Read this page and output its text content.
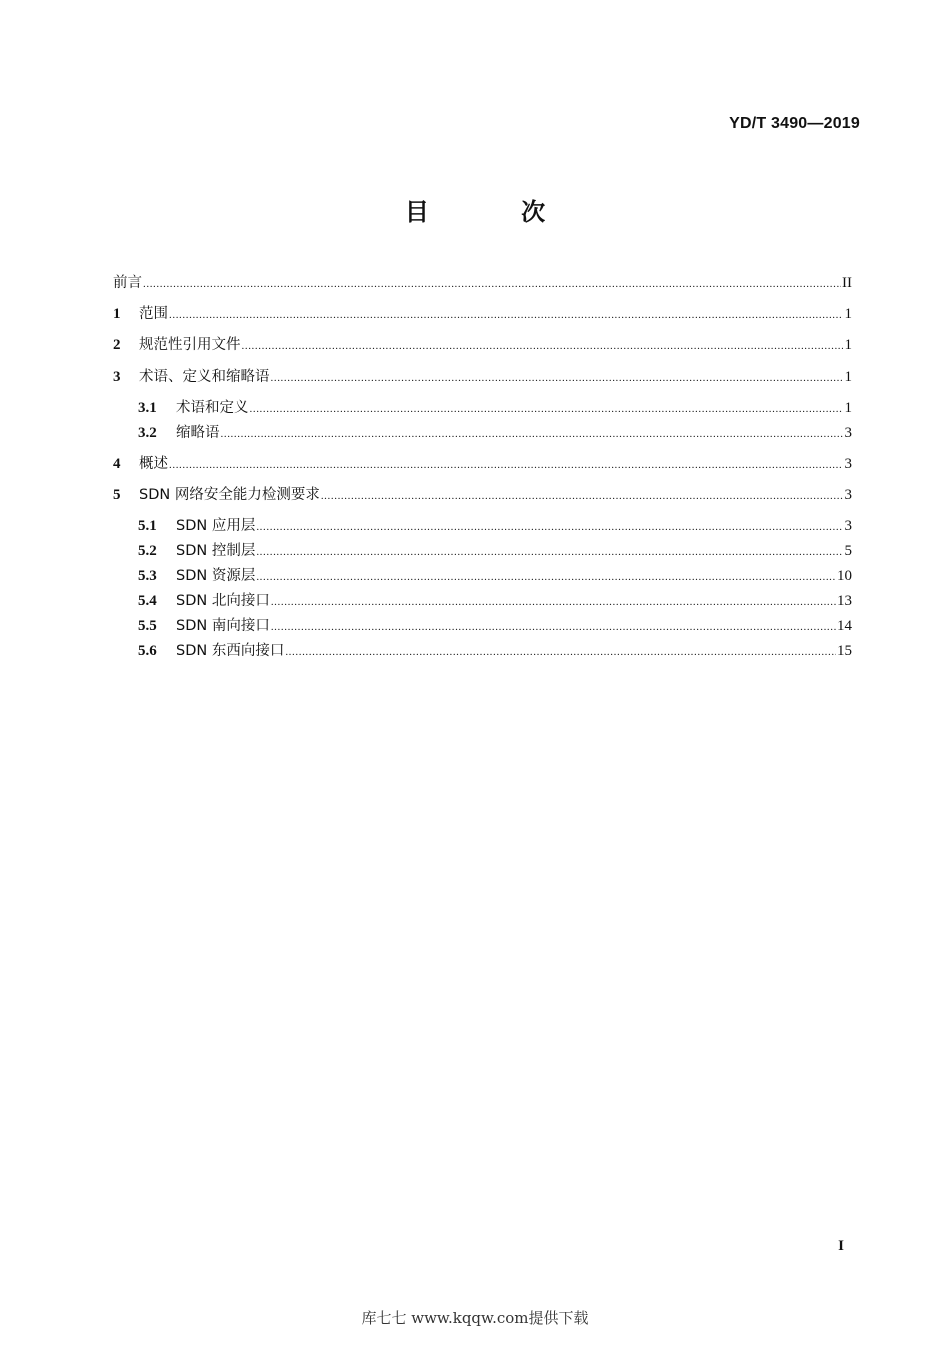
YD/T 3490—2019
目 次
前言 .....	II
1	范围 .....	1
2	规范性引用文件 .....	1
3	术语、定义和缩略语 .....	1
3.1	术语和定义 .....	1
3.2	缩略语 .....	3
4	概述 .....	3
5	SDN 网络安全能力检测要求 .....	3
5.1	SDN 应用层 .....	3
5.2	SDN 控制层 .....	5
5.3	SDN 资源层 .....	10
5.4	SDN 北向接口 .....	13
5.5	SDN 南向接口 .....	14
5.6	SDN 东西向接口 .....	15
I
库七七 www.kqqw.com提供下载
